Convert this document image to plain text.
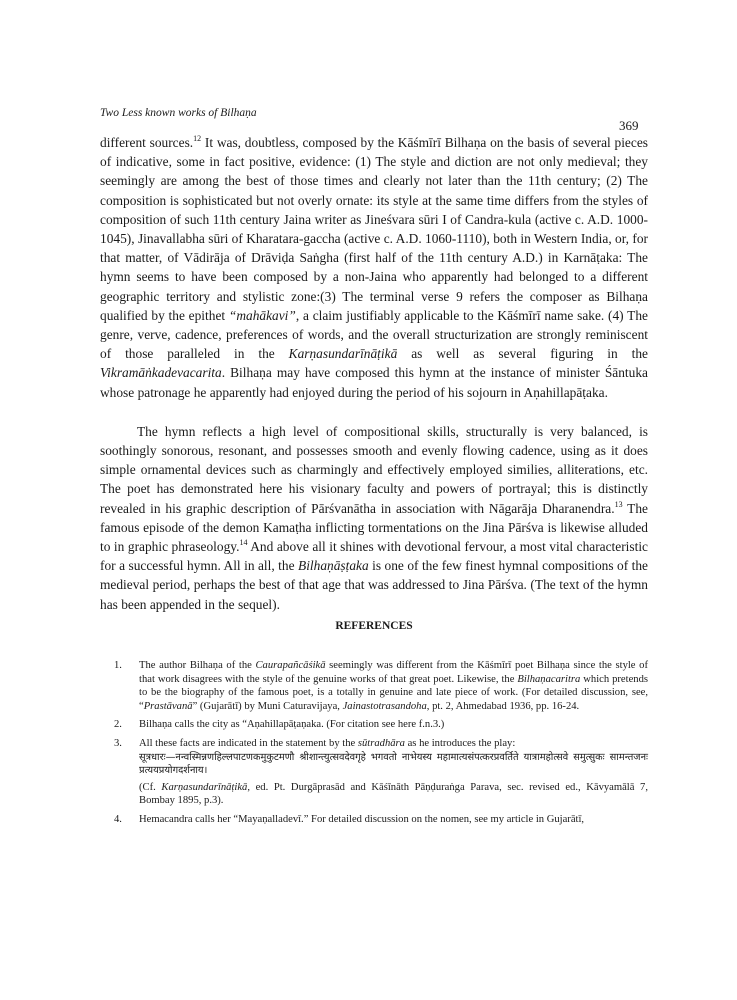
Two Less known works of Bilhaṇa
369

different sources.$^{12}$ It was, doubtless, composed by the Kāśmīrī Bilhaṇa on the basis of several pieces of indicative, some in fact positive, evidence: (1) The style and diction are not only medieval; they seemingly are among the best of those times and clearly not later than the 11th century; (2) The composition is sophisticated but not overly ornate: its style at the same time differs from the styles of composition of such 11th century Jaina writer as Jineśvara sūri I of Candra-kula (active c. A.D. 1000-1045), Jinavallabha sūri of Kharatara-gaccha (active c. A.D. 1060-1110), both in Western India, or, for that matter, of Vādirāja of Drāviḍa Saṅgha (first half of the 11th century A.D.) in Karnāṭaka: The hymn seems to have been composed by a non-Jaina who apparently had belonged to a different geographic territory and stylistic zone:(3) The terminal verse 9 refers the composer as Bilhaṇa qualified by the epithet “mahākavi”, a claim justifiably applicable to the Kāśmīrī name sake. (4) The genre, verve, cadence, preferences of words, and the overall structurization are strongly reminiscent of those paralleled in the Karṇasundarīnāṭikā as well as several figuring in the Vikramāṅkadevacarita. Bilhaṇa may have composed this hymn at the instance of minister Śāntuka whose patronage he apparently had enjoyed during the period of his sojourn in Aṇahillapāṭaka.

The hymn reflects a high level of compositional skills, structurally is very balanced, is soothingly sonorous, resonant, and possesses smooth and evenly flowing cadence, using as it does simple ornamental devices such as charmingly and effectively employed similies, alliterations, etc. The poet has demonstrated here his visionary faculty and powers of portrayal; this is distinctly revealed in his graphic description of Pārśvanātha in association with Nāgarāja Dharanendra.$^{13}$ The famous episode of the demon Kamaṭha inflicting tormentations on the Jina Pārśva is likewise alluded to in graphic phraseology.$^{14}$ And above all it shines with devotional fervour, a most vital characteristic for a successful hymn. All in all, the Bilhaṇāṣṭaka is one of the few finest hymnal compositions of the medieval period, perhaps the best of that age that was addressed to Jina Pārśva. (The text of the hymn has been appended in the sequel).

REFERENCES
1. The author Bilhaṇa of the Caurapañcāśikā seemingly was different from the Kāśmīrī poet Bilhaṇa since the style of that work disagrees with the style of the genuine works of that great poet. Likewise, the Bilhaṇacaritra which pretends to be the biography of the famous poet, is a totally in genuine and late piece of work. (For detailed discussion, see, “Prastāvanā” (Gujarātī) by Muni Caturavijaya, Jainastotrasandoha, pt. 2, Ahmedabad 1936, pp. 16-24.
2. Bilhaṇa calls the city as “Aṇahillapāṭaṇaka. (For citation see here f.n.3.)
3. All these facts are indicated in the statement by the sūtradhāra as he introduces the play:
सूत्रधारः—नन्वस्मिन्नणहिल्लपाटणकमुकुटमणौ श्रीशान्त्युत्सवदेवगृहे भगवतो नाभेयस्य महामात्यसंपत्करप्रवर्तिते यात्रामहोत्सवे समुत्सुकः सामन्तजनः प्रत्ययप्रयोगदर्शनाय।
(Cf. Karṇasundarīnāṭikā, ed. Pt. Durgāprasād and Kāśīnāth Pāṇḍuraṅga Parava, sec. revised ed., Kāvyamālā 7, Bombay 1895, p.3).
4. Hemacandra calls her “Mayaṇalladevī.” For detailed discussion on the nomen, see my article in Gujarātī,
